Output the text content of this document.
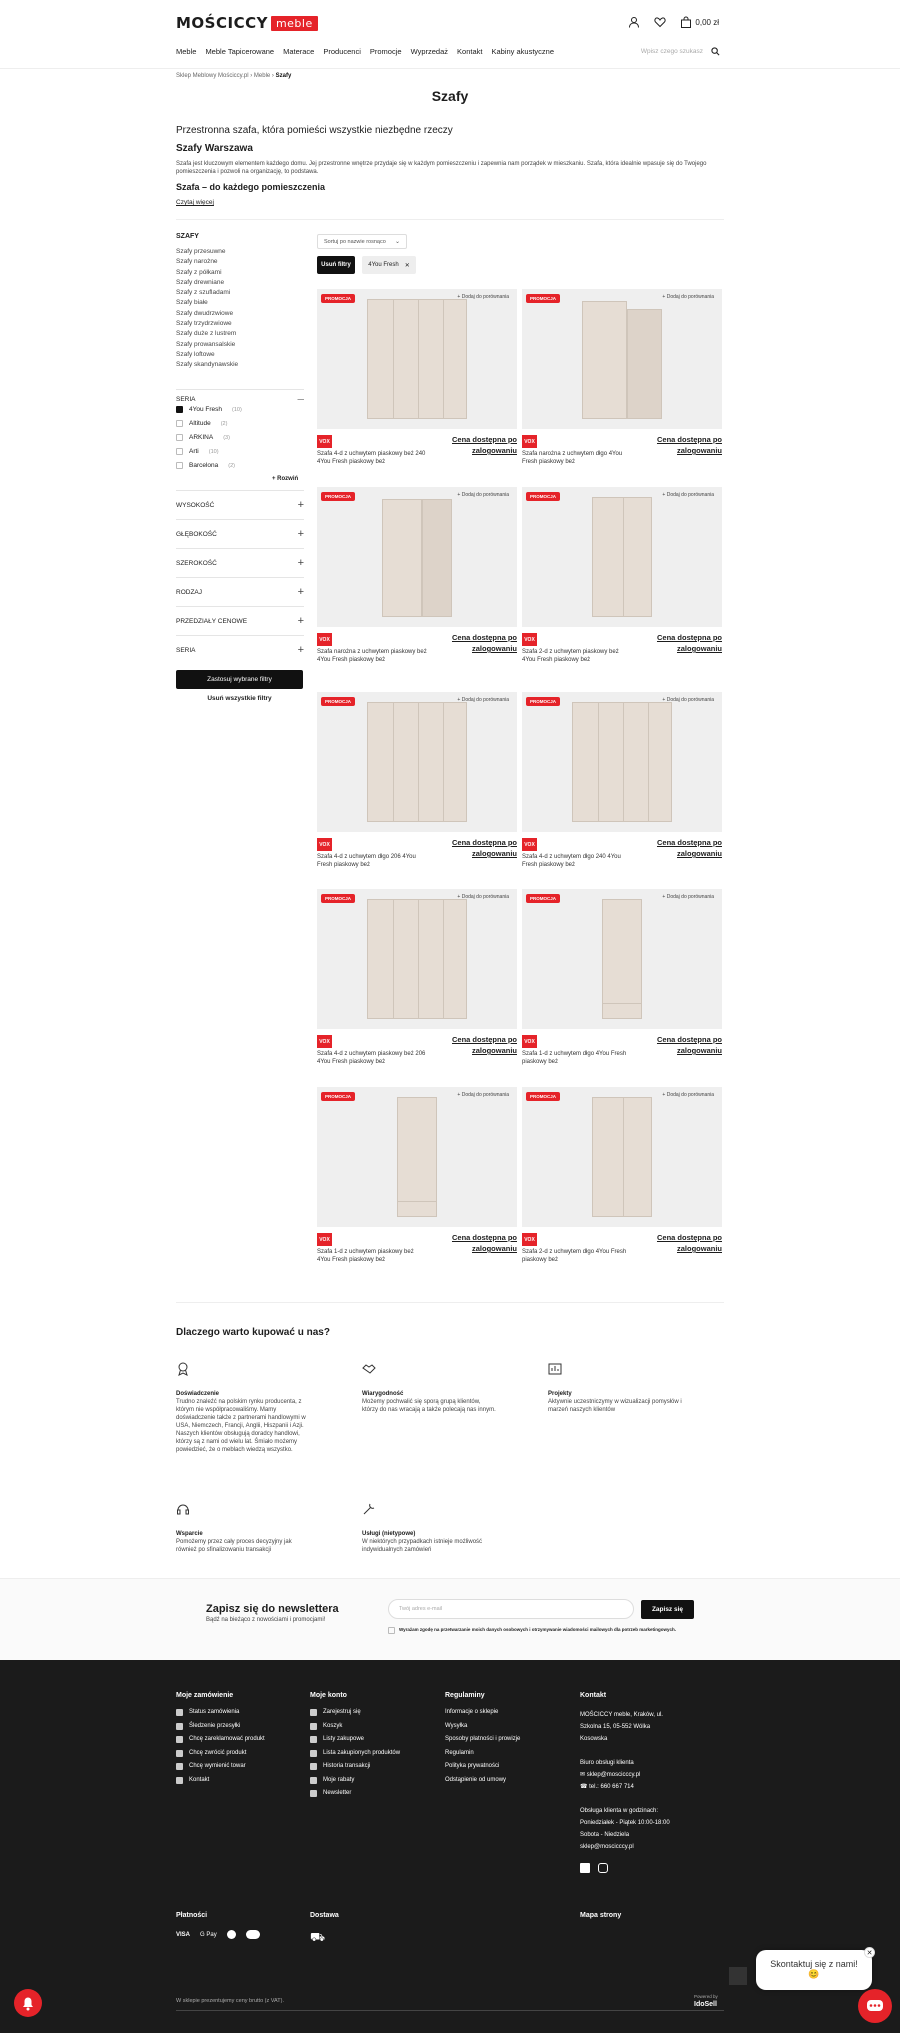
MOŚCICCY meble	0,00 zł
Meble Meble Tapicerowane Materace Producenci Promocje Wyprzedaż Kontakt Kabiny akustyczne	Wpisz czego szukasz
Sklep Meblowy Mościccy.pl › Meble › Szafy
Szafy
Przestronna szafa, która pomieści wszystkie niezbędne rzeczy
Szafy Warszawa
Szafa jest kluczowym elementem każdego domu. Jej przestronne wnętrze przydaje się w każdym pomieszczeniu i zapewnia nam porządek w mieszkaniu. Szafa, która idealnie wpasuje się do Twojego pomieszczenia i pozwoli na organizację, to podstawa.
Szafa – do każdego pomieszczenia
Czytaj więcej
SZAFY
Szafy przesuwne
Szafy narożne
Szafy z półkami
Szafy drewniane
Szafy z szufladami
Szafy białe
Szafy dwudrzwiowe
Szafy trzydrzwiowe
Szafy duże z lustrem
Szafy prowansalskie
Szafy loftowe
Szafy skandynawskie
SERIA	—
4You Fresh (10)
Altitude (2)
ARKINA (3)
Arti (10)
Barcelona (2)
+ Rozwiń
WYSOKOŚĆ	+
GŁĘBOKOŚĆ	+
SZEROKOŚĆ	+
RODZAJ	+
PRZEDZIAŁY CENOWE	+
SERIA	+
Zastosuj wybrane filtry
Usuń wszystkie filtry
Sortuj po nazwie rosnąco ⌄
Usuń filtry	4You Fresh ✕
PROMOCJA	+ Dodaj do porównania
VOX	Cena dostępna po zalogowaniu
Szafa 4-d z uchwytem piaskowy beż 240 4You Fresh piaskowy beż
PROMOCJA	+ Dodaj do porównania
VOX	Cena dostępna po zalogowaniu
Szafa narożna z uchwytem dłgo 4You Fresh piaskowy beż
PROMOCJA	+ Dodaj do porównania
VOX	Cena dostępna po zalogowaniu
Szafa narożna z uchwytem piaskowy beż 4You Fresh piaskowy beż
PROMOCJA	+ Dodaj do porównania
VOX	Cena dostępna po zalogowaniu
Szafa 2-d z uchwytem piaskowy beż 4You Fresh piaskowy beż
PROMOCJA	+ Dodaj do porównania
VOX	Cena dostępna po zalogowaniu
Szafa 4-d z uchwytem dłgo 206 4You Fresh piaskowy beż
PROMOCJA	+ Dodaj do porównania
VOX	Cena dostępna po zalogowaniu
Szafa 4-d z uchwytem dłgo 240 4You Fresh piaskowy beż
PROMOCJA	+ Dodaj do porównania
VOX	Cena dostępna po zalogowaniu
Szafa 4-d z uchwytem piaskowy beż 206 4You Fresh piaskowy beż
PROMOCJA	+ Dodaj do porównania
VOX	Cena dostępna po zalogowaniu
Szafa 1-d z uchwytem dłgo 4You Fresh piaskowy beż
PROMOCJA	+ Dodaj do porównania
VOX	Cena dostępna po zalogowaniu
Szafa 1-d z uchwytem piaskowy beż 4You Fresh piaskowy beż
PROMOCJA	+ Dodaj do porównania
VOX	Cena dostępna po zalogowaniu
Szafa 2-d z uchwytem dłgo 4You Fresh piaskowy beż
Dlaczego warto kupować u nas?
Doświadczenie
Trudno znaleźć na polskim rynku producenta, z którym nie współpracowaliśmy. Mamy doświadczenie także z partnerami handlowymi w USA, Niemczech, Francji, Anglii, Hiszpanii i Azji. Naszych klientów obsługują doradcy handlowi, którzy są z nami od wielu lat. Śmiało możemy powiedzieć, że o meblach wiedzą wszystko.
Wiarygodność
Możemy pochwalić się sporą grupą klientów, którzy do nas wracają a także polecają nas innym.
Projekty
Aktywnie uczestniczymy w wizualizacji pomysłów i marzeń naszych klientów
Wsparcie
Pomożemy przez cały proces decyzyjny jak również po sfinalizowaniu transakcji
Usługi (nietypowe)
W niektórych przypadkach istnieje możliwość indywidualnych zamówień
Zapisz się do newslettera
Bądź na bieżąco z nowościami i promocjami!
Twój adres e-mail	Zapisz się
Wyrażam zgodę na przetwarzanie moich danych osobowych i otrzymywanie wiadomości mailowych dla potrzeb marketingowych.
Moje zamówienie
Status zamówienia
Śledzenie przesyłki
Chcę zareklamować produkt
Chcę zwrócić produkt
Chcę wymienić towar
Kontakt
Moje konto
Zarejestruj się
Koszyk
Listy zakupowe
Lista zakupionych produktów
Historia transakcji
Moje rabaty
Newsletter
Regulaminy
Informacje o sklepie
Wysyłka
Sposoby płatności i prowizje
Regulamin
Polityka prywatności
Odstąpienie od umowy
Kontakt

MOŚCICCY meble, Kraków, ul.

Szkolna 15, 05-552 Wólka

Kosowska

Biuro obsługi klienta

✉ sklep@moscicccy.pl

☎ tel.: 660 667 714

Obsługa klienta w godzinach:

Poniedziałek - Piątek 10:00-18:00

Sobota - Niedziela

sklep@moscicccy.pl

Płatności	Dostawa	Mapa strony
VISA G Pay	⛟
W sklepie prezentujemy ceny brutto (z VAT).
Powered by
IdoSell
Skontaktuj się z nami!
😊
✕
